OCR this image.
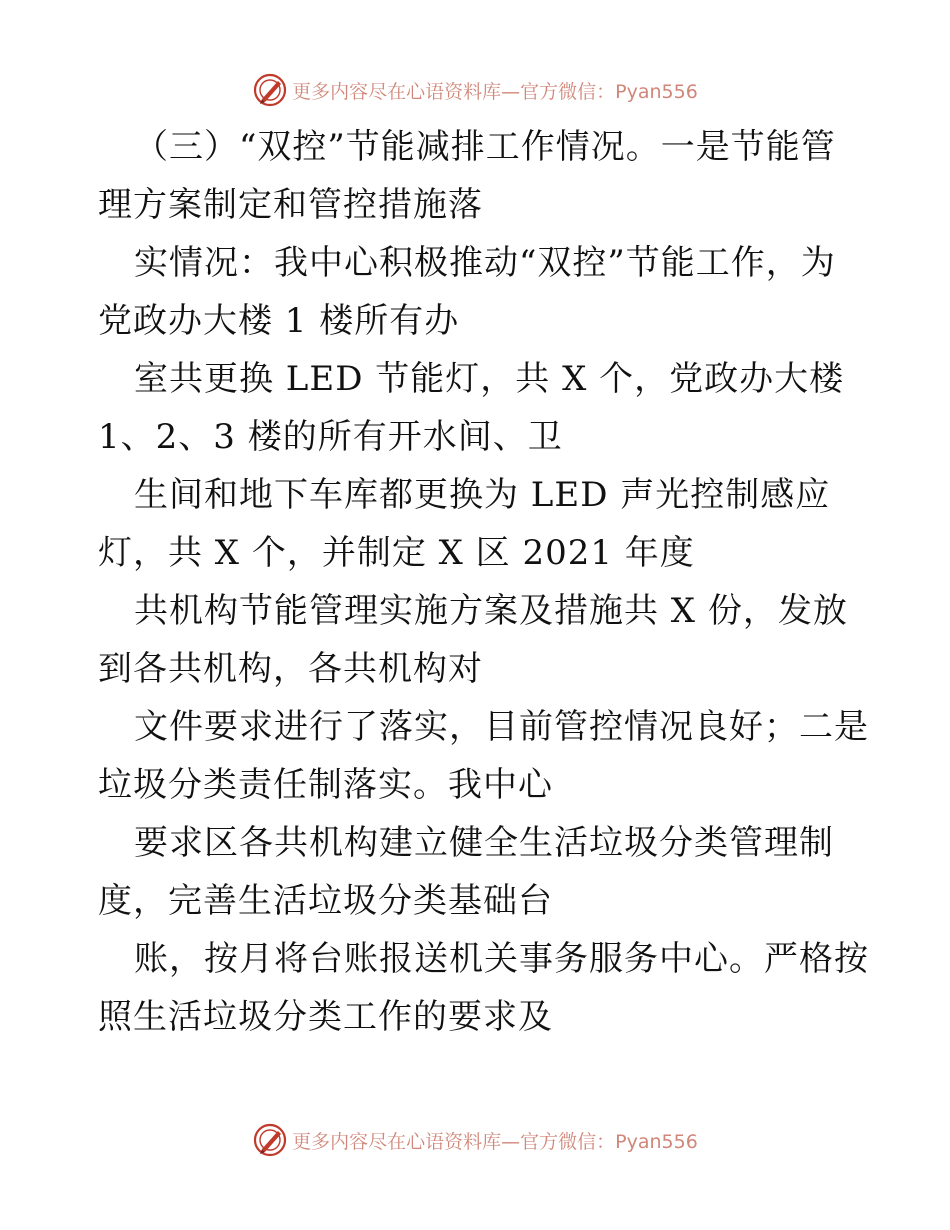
更多内容尽在心语资料库—官方微信：Pyan556
（三）“双控”节能减排工作情况。一是节能管
理方案制定和管控措施落
实情况：我中心积极推动“双控”节能工作，为
党政办大楼 1 楼所有办
室共更换 LED 节能灯，共 X 个，党政办大楼
1、2、3 楼的所有开水间、卫
生间和地下车库都更换为 LED 声光控制感应
灯，共 X 个，并制定 X 区 2021 年度
共机构节能管理实施方案及措施共 X 份，发放
到各共机构，各共机构对
文件要求进行了落实，目前管控情况良好；二是
垃圾分类责任制落实。我中心
要求区各共机构建立健全生活垃圾分类管理制
度，完善生活垃圾分类基础台
账，按月将台账报送机关事务服务中心。严格按
照生活垃圾分类工作的要求及
更多内容尽在心语资料库—官方微信：Pyan556
